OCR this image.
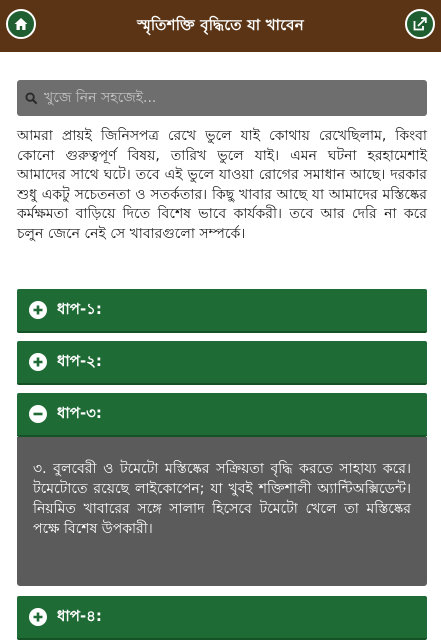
স্মৃতিশক্তি বৃদ্ধিতে যা খাবেন
খুজে নিন সহজেই...

আমরা প্রায়ই জিনিসপত্র রেখে ভুলে যাই কোথায় রেখেছিলাম, কিংবা কোনো গুরুত্বপূর্ণ বিষয়, তারিখ ভুলে যাই। এমন ঘটনা হরহামেশাই আমাদের সাথে ঘটে। তবে এই ভুলে যাওয়া রোগের সমাধান আছে। দরকার শুধু একটু সচেতনতা ও সতর্কতার। কিছু খাবার আছে যা আমাদের মস্তিষ্কের কর্মক্ষমতা বাড়িয়ে দিতে বিশেষ ভাবে কার্যকরী। তবে আর দেরি না করে চলুন জেনে নেই সে খাবারগুলো সম্পর্কে।

ধাপ-১:
ধাপ-২:
ধাপ-৩:

৩. বুলবেরী ও টমেটো মস্তিষ্কের সক্রিয়তা বৃদ্ধি করতে সাহায্য করে। টমেটোতে রয়েছে লাইকোপেন; যা খুবই শক্তিশালী অ্যান্টিঅক্সিডেন্ট। নিয়মিত খাবারের সঙ্গে সালাদ হিসেবে টমেটো খেলে তা মস্তিষ্কের পক্ষে বিশেষ উপকারী।

ধাপ-৪:
